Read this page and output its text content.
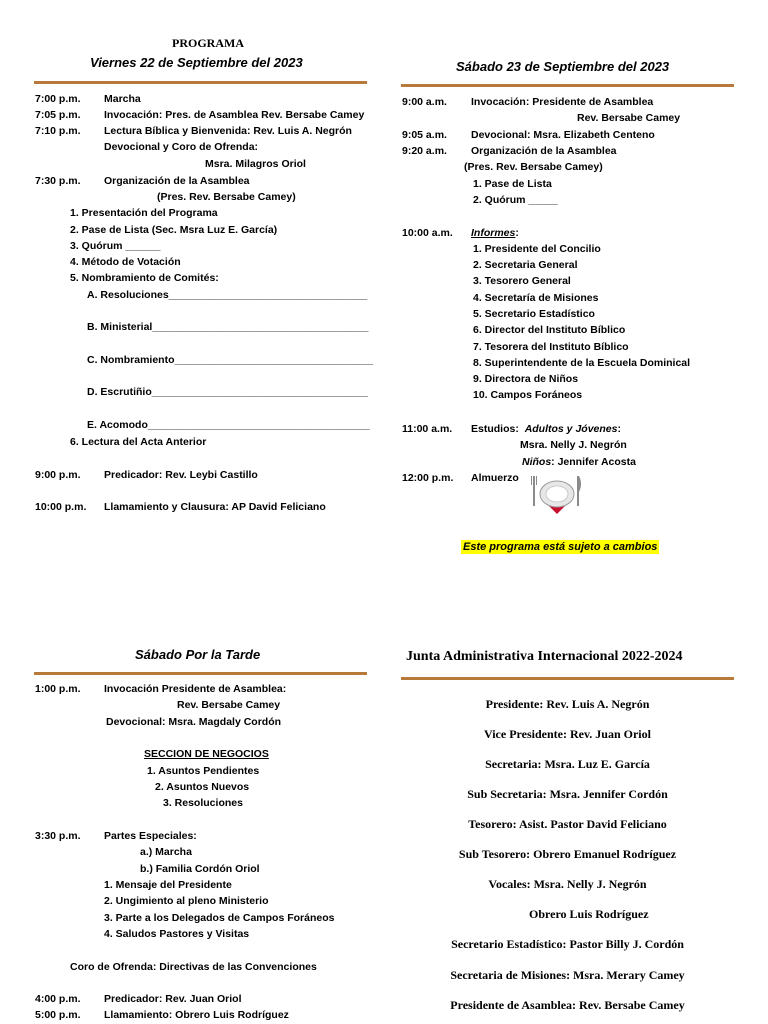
PROGRAMA
Viernes 22 de Septiembre del 2023
7:00 p.m. Marcha
7:05 p.m. Invocación: Pres. de Asamblea Rev. Bersabe Camey
7:10 p.m. Lectura Bíblica y Bienvenida: Rev. Luis A. Negrón
Devocional y Coro de Ofrenda:
Msra. Milagros Oriol
7:30 p.m. Organización de la Asamblea
(Pres. Rev. Bersabe Camey)
1. Presentación del Programa
2. Pase de Lista (Sec. Msra Luz E. García)
3. Quórum ______
4. Método de Votación
5. Nombramiento de Comités:
A. Resoluciones__________________________________
B. Ministerial_____________________________________
C. Nombramiento__________________________________
D. Escrutiñio_____________________________________
E. Acomodo______________________________________
6. Lectura del Acta Anterior
9:00 p.m. Predicador: Rev. Leybi Castillo
10:00 p.m. Llamamiento y Clausura: AP David Feliciano
Sábado 23 de Septiembre del 2023
9:00 a.m. Invocación: Presidente de Asamblea
Rev. Bersabe Camey
9:05 a.m. Devocional: Msra. Elizabeth Centeno
9:20 a.m. Organización de la Asamblea
(Pres. Rev. Bersabe Camey)
1. Pase de Lista
2. Quórum _____
10:00 a.m. Informes:
1. Presidente del Concilio
2. Secretaria General
3. Tesorero General
4. Secretaría de Misiones
5. Secretario Estadístico
6. Director del Instituto Bíblico
7. Tesorera del Instituto Bíblico
8. Superintendente de la Escuela Dominical
9. Directora de Niños
10. Campos Foráneos
11:00 a.m. Estudios: Adultos y Jóvenes:
Msra. Nelly J. Negrón
Niños: Jennifer Acosta
12:00 p.m. Almuerzo
Este programa está sujeto a cambios
Sábado Por la Tarde
1:00 p.m. Invocación Presidente de Asamblea:
Rev. Bersabe Camey
Devocional: Msra. Magdaly Cordón
SECCION DE NEGOCIOS
1. Asuntos Pendientes
2. Asuntos Nuevos
3. Resoluciones
3:30 p.m. Partes Especiales:
a.) Marcha
b.) Familia Cordón Oriol
1. Mensaje del Presidente
2. Ungimiento al pleno Ministerio
3. Parte a los Delegados de Campos Foráneos
4. Saludos Pastores y Visitas
Coro de Ofrenda: Directivas de las Convenciones
4:00 p.m. Predicador: Rev. Juan Oriol
5:00 p.m. Llamamiento: Obrero Luis Rodríguez
Junta Administrativa Internacional 2022-2024
Presidente: Rev. Luis A. Negrón
Vice Presidente: Rev. Juan Oriol
Secretaria: Msra. Luz E. García
Sub Secretaria: Msra. Jennifer Cordón
Tesorero: Asist. Pastor David Feliciano
Sub Tesorero: Obrero Emanuel Rodríguez
Vocales: Msra. Nelly J. Negrón
Obrero Luis Rodríguez
Secretario Estadístico: Pastor Billy J. Cordón
Secretaria de Misiones: Msra. Merary Camey
Presidente de Asamblea: Rev. Bersabe Camey
